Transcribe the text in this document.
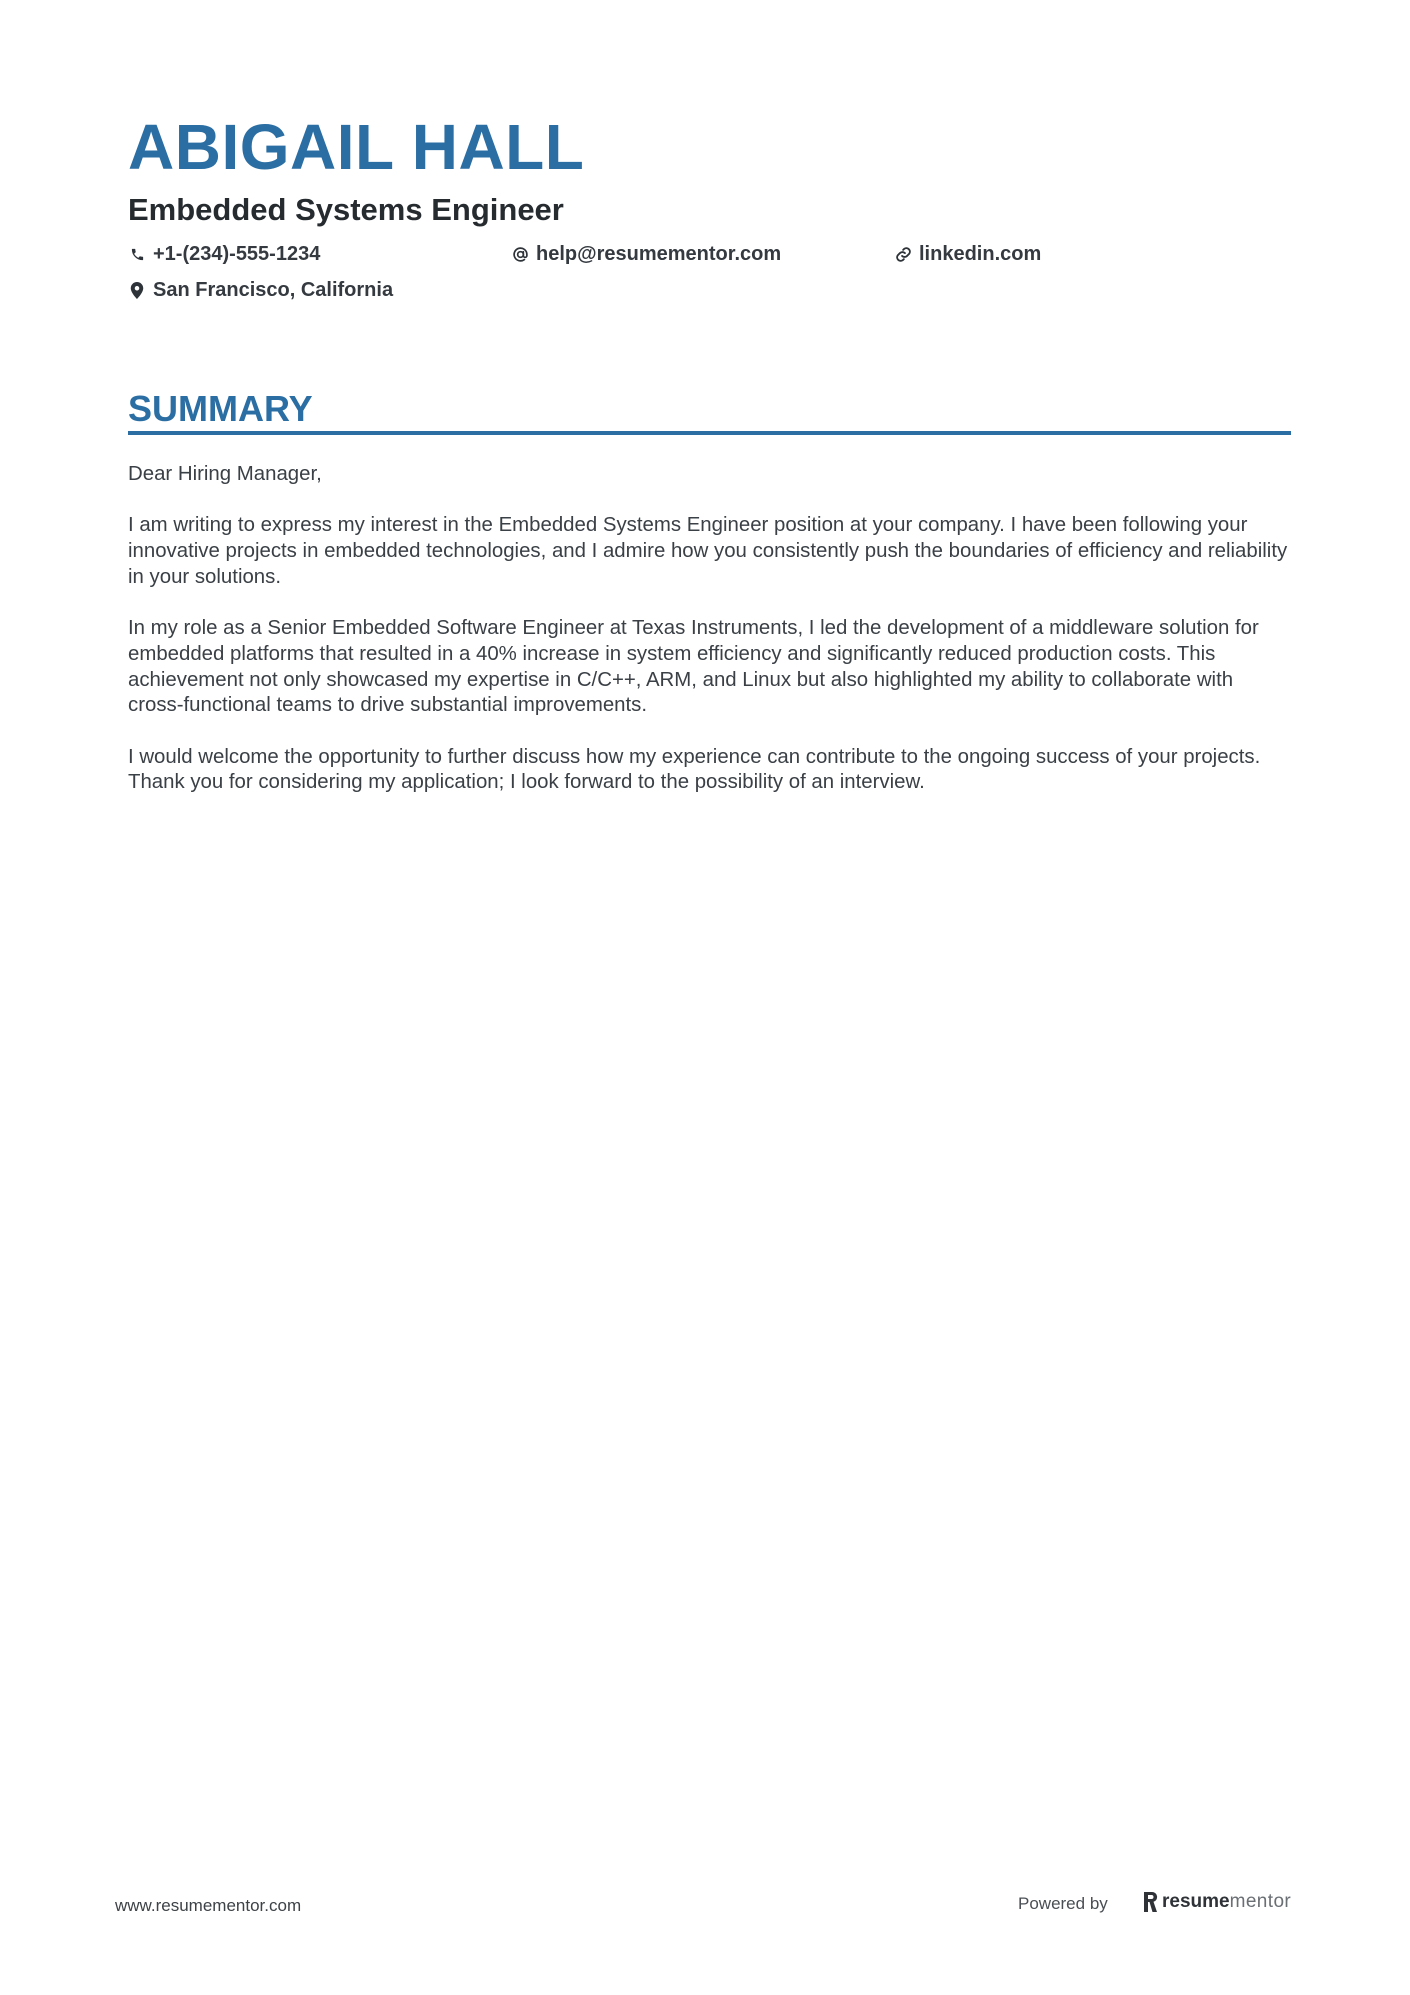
ABIGAIL HALL
Embedded Systems Engineer
+1-(234)-555-1234	help@resumementor.com	linkedin.com
San Francisco, California
SUMMARY

Dear Hiring Manager,

I am writing to express my interest in the Embedded Systems Engineer position at your company. I have been following your innovative projects in embedded technologies, and I admire how you consistently push the boundaries of efficiency and reliability in your solutions.

In my role as a Senior Embedded Software Engineer at Texas Instruments, I led the development of a middleware solution for embedded platforms that resulted in a 40% increase in system efficiency and significantly reduced production costs. This achievement not only showcased my expertise in C/C++, ARM, and Linux but also highlighted my ability to collaborate with cross-functional teams to drive substantial improvements.

I would welcome the opportunity to further discuss how my experience can contribute to the ongoing success of your projects. Thank you for considering my application; I look forward to the possibility of an interview.

www.resumementor.com	Powered by	resume mentor
